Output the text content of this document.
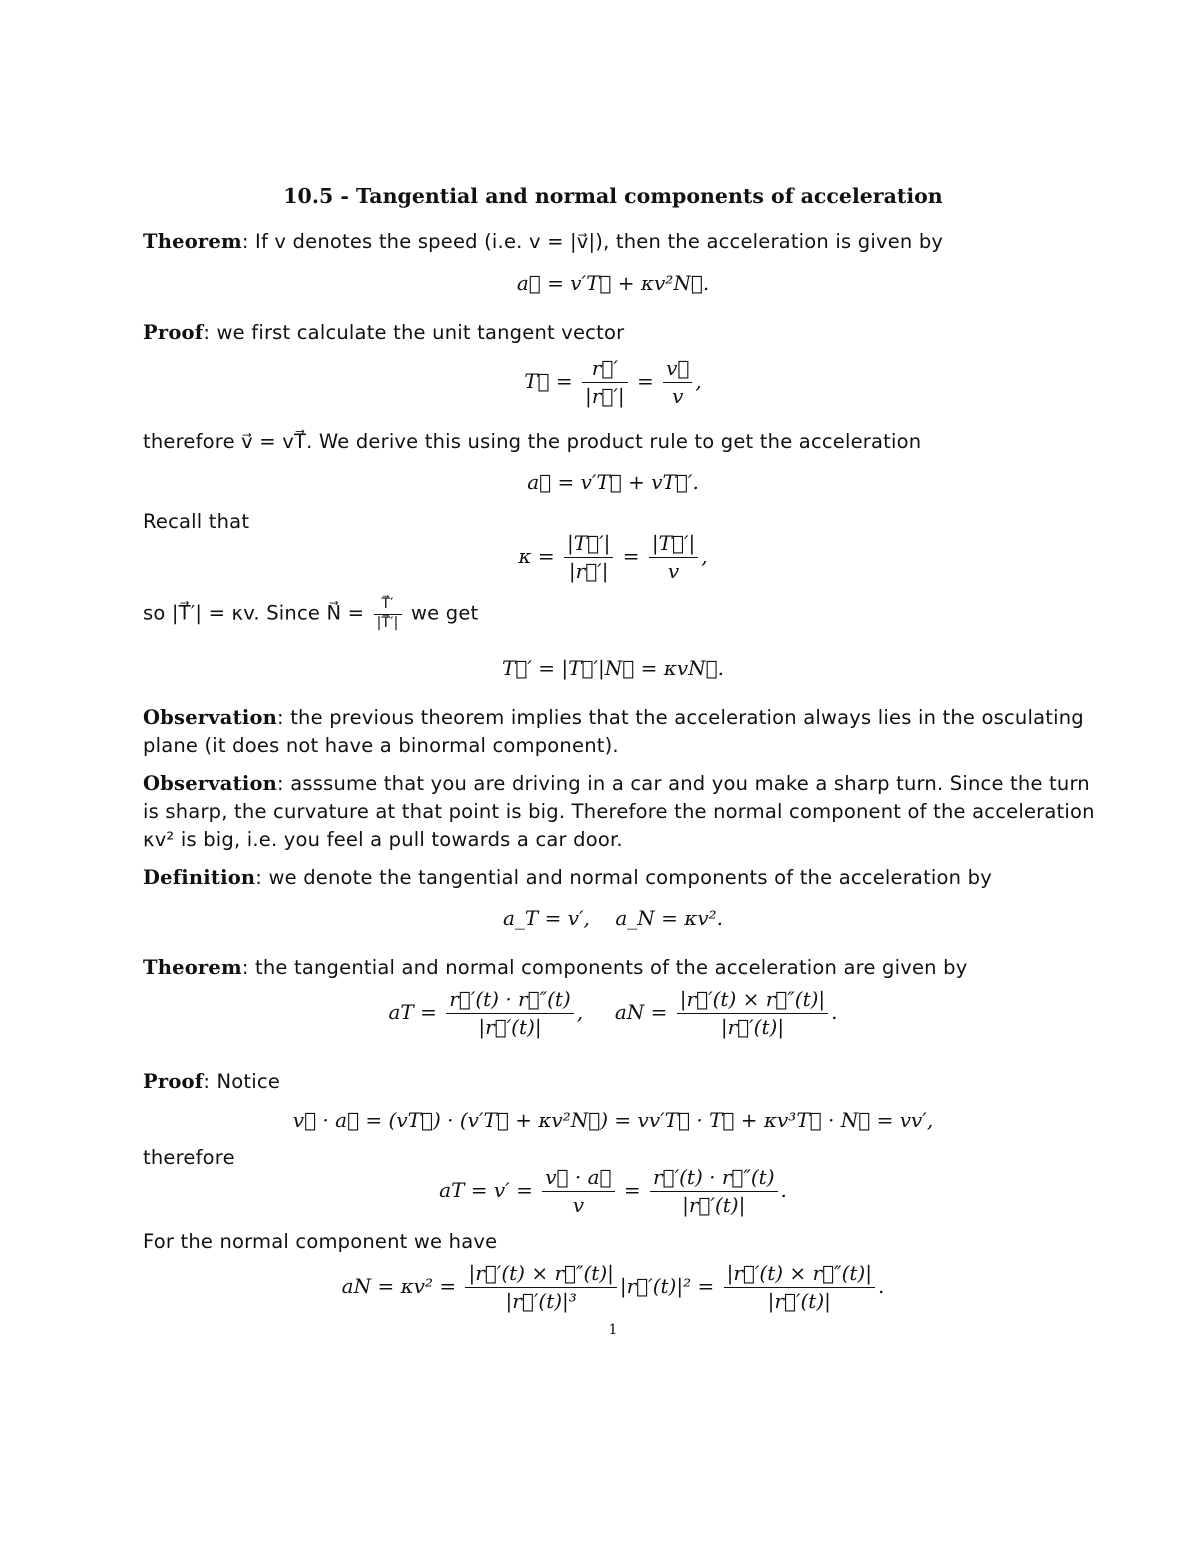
10.5 - Tangential and normal components of acceleration
Theorem: If v denotes the speed (i.e. v = |v⃗|), then the acceleration is given by
a⃗ = v′T⃗ + κv²N⃗.
Proof: we first calculate the unit tangent vector
T⃗ = $\frac{r⃗'}{|r⃗'|} = \frac{v⃗}{v}$ ,
therefore v⃗ = vT⃗. We derive this using the product rule to get the acceleration
a⃗ = v′T⃗ + vT⃗′.
Recall that
$\kappa = \frac{|T⃗'|}{|r⃗'|} = \frac{|T⃗'|}{v}$ ,
so |T⃗′| = κv. Since N⃗ = $\frac{T⃗'}{|T⃗'|}$ we get
T⃗′ = |T⃗′|N⃗ = κvN⃗.
Observation: the previous theorem implies that the acceleration always lies in the osculating
plane (it does not have a binormal component).
Observation: asssume that you are driving in a car and you make a sharp turn. Since the turn
is sharp, the curvature at that point is big. Therefore the normal component of the acceleration
κv² is big, i.e. you feel a pull towards a car door.
Definition: we denote the tangential and normal components of the acceleration by
a_T = v′,    a_N = κv².
Theorem: the tangential and normal components of the acceleration are given by
aT = $\frac{r⃗'(t) \cdot r⃗''(t)}{|r⃗'(t)|}$ , aN = $\frac{|r⃗'(t) \times r⃗''(t)|}{|r⃗'(t)|}$ .
Proof: Notice
v⃗ · a⃗ = (vT⃗) · (v′T⃗ + κv²N⃗) = vv′T⃗ · T⃗ + κv³T⃗ · N⃗ = vv′,
therefore
aT = $v' = \frac{v⃗ \cdot a⃗}{v} = \frac{r⃗'(t) \cdot r⃗''(t)}{|r⃗'(t)|}$ .
For the normal component we have
aN = $\kappa v^2 = \frac{|r⃗'(t) \times r⃗''(t)|}{\text{|r⃗′(t)|³}}$ |r⃗′(t)|² = $\frac{|r⃗'(t) \times r⃗''(t)|}{|r⃗'(t)|}$ .
1
